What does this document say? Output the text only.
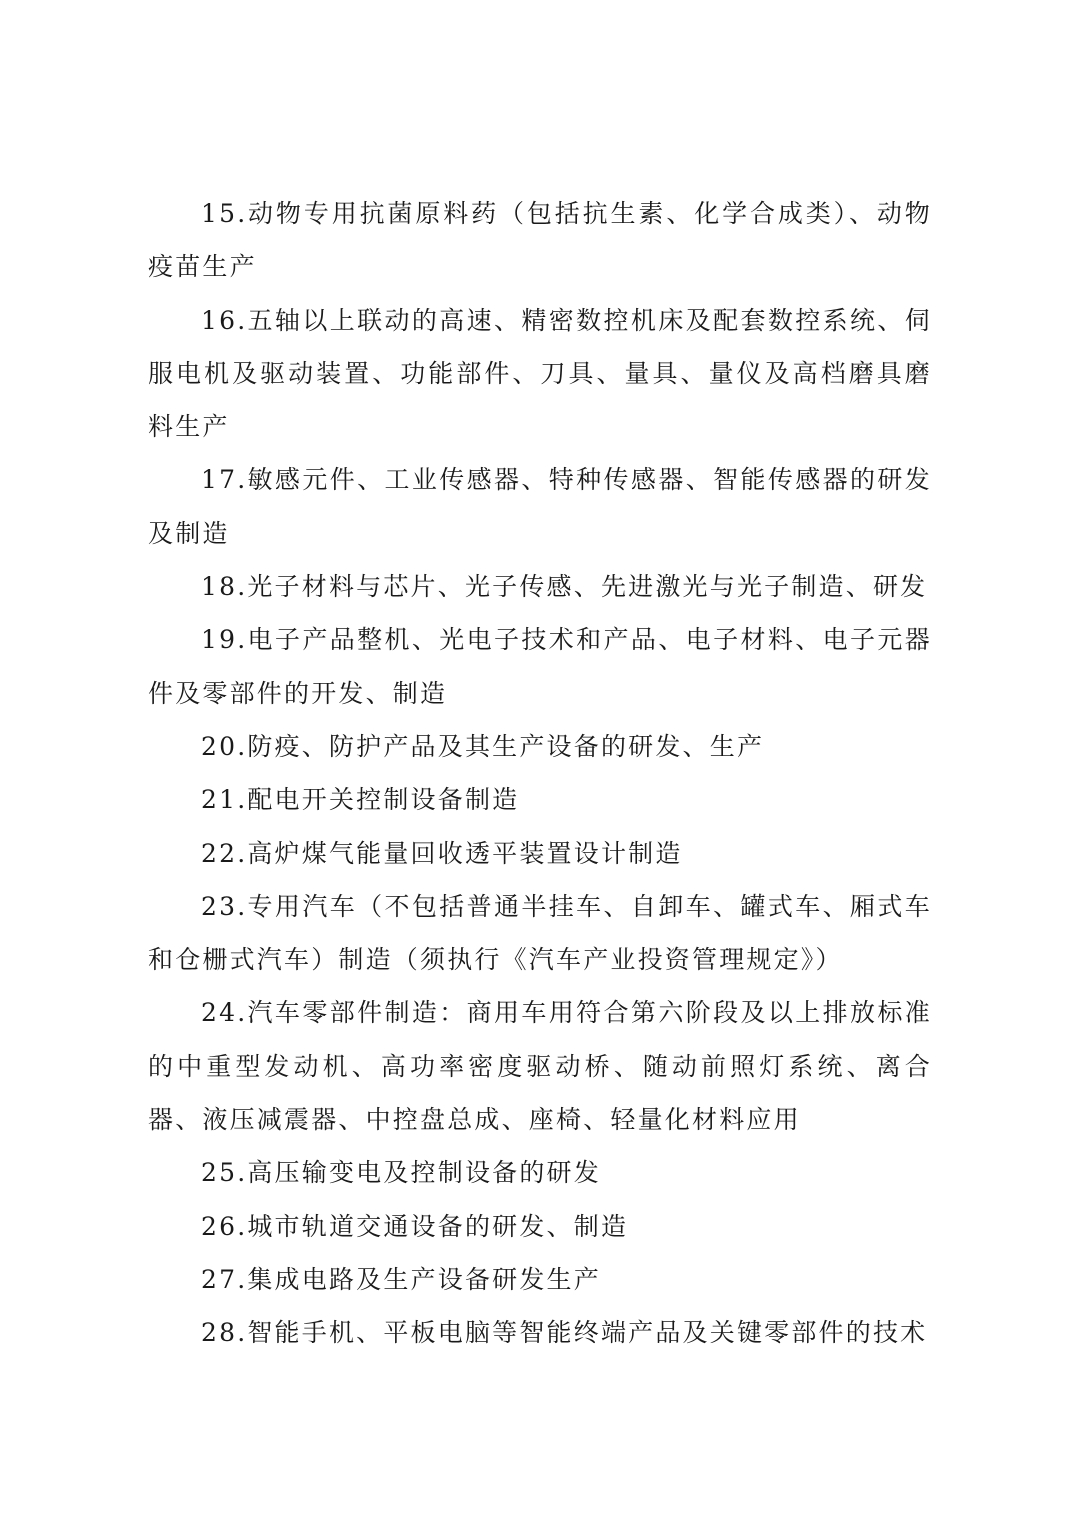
15.动物专用抗菌原料药（包括抗生素、化学合成类）、动物疫苗生产

16.五轴以上联动的高速、精密数控机床及配套数控系统、伺服电机及驱动装置、功能部件、刀具、量具、量仪及高档磨具磨料生产

17.敏感元件、工业传感器、特种传感器、智能传感器的研发及制造

18.光子材料与芯片、光子传感、先进激光与光子制造、研发

19.电子产品整机、光电子技术和产品、电子材料、电子元器件及零部件的开发、制造

20.防疫、防护产品及其生产设备的研发、生产

21.配电开关控制设备制造

22.高炉煤气能量回收透平装置设计制造

23.专用汽车（不包括普通半挂车、自卸车、罐式车、厢式车和仓栅式汽车）制造（须执行《汽车产业投资管理规定》）

24.汽车零部件制造：商用车用符合第六阶段及以上排放标准的中重型发动机、高功率密度驱动桥、随动前照灯系统、离合器、液压减震器、中控盘总成、座椅、轻量化材料应用

25.高压输变电及控制设备的研发

26.城市轨道交通设备的研发、制造

27.集成电路及生产设备研发生产

28.智能手机、平板电脑等智能终端产品及关键零部件的技术
